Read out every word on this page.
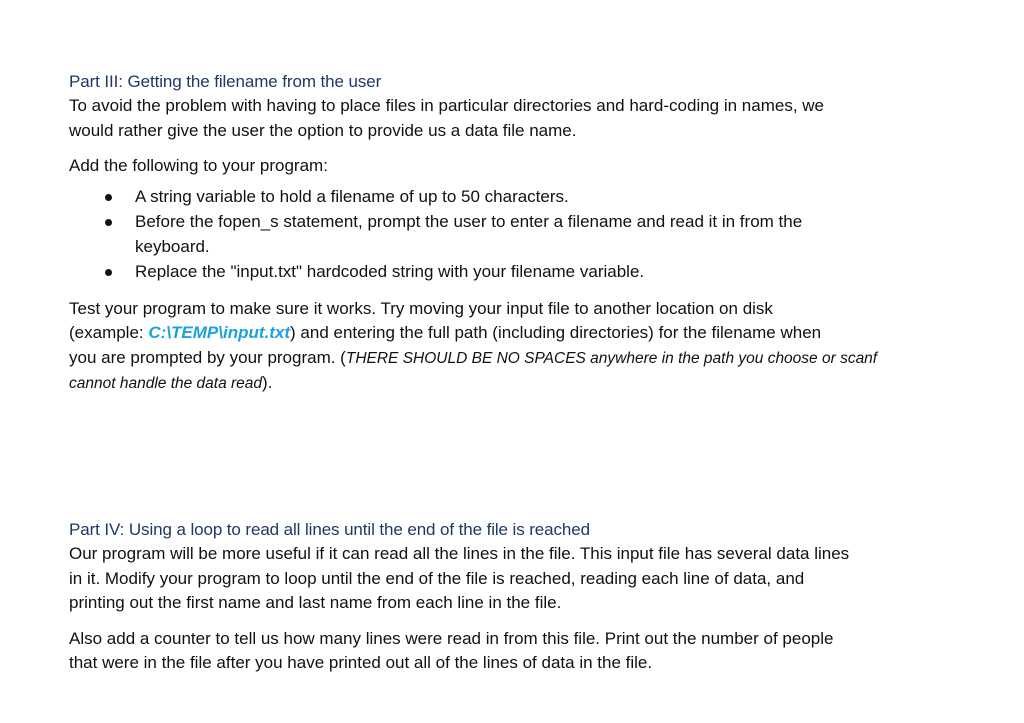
Part III: Getting the filename from the user

To avoid the problem with having to place files in particular directories and hard-coding in names, we
would rather give the user the option to provide us a data file name.

Add the following to your program:

A string variable to hold a filename of up to 50 characters.
Before the fopen_s statement, prompt the user to enter a filename and read it in from the
keyboard.
Replace the "input.txt" hardcoded string with your filename variable.

Test your program to make sure it works. Try moving your input file to another location on disk
(example: C:\TEMP\input.txt) and entering the full path (including directories) for the filename when
you are prompted by your program. (THERE SHOULD BE NO SPACES anywhere in the path you choose or scanf
cannot handle the data read).

Part IV: Using a loop to read all lines until the end of the file is reached

Our program will be more useful if it can read all the lines in the file. This input file has several data lines
in it. Modify your program to loop until the end of the file is reached, reading each line of data, and
printing out the first name and last name from each line in the file.

Also add a counter to tell us how many lines were read in from this file. Print out the number of people
that were in the file after you have printed out all of the lines of data in the file.
